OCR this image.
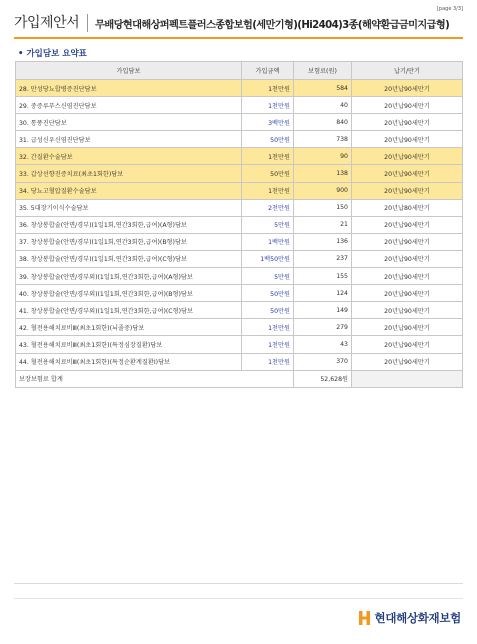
[page 3/3]
가입제안서	무배당현대해상퍼펙트플러스종합보험(세만기형)(Hi2404)3종(해약환급금미지급형)
• 가입담보 요약표
가입담보	가입금액	보험료(원)	납기/만기
28. 만성당뇨합병증진단담보	1천만원	584	20년납90세만기
29. 중증루푸스신염진단담보	1천만원	40	20년납90세만기
30. 통풍진단담보	3백만원	840	20년납90세만기
31. 급성신우신염진단담보	50만원	738	20년납90세만기
32. 간질환수술담보	1천만원	90	20년납90세만기
33. 갑상선향진증치료(최초1회한)담보	50만원	138	20년납90세만기
34. 당뇨고혈압질환수술담보	1천만원	900	20년납90세만기
35. 5대장기이식수술담보	2천만원	150	20년납80세만기
36. 창상봉합술(안면/경부)(1일1회,연간3회한,급여)(A형)담보	5만원	21	20년납90세만기
37. 창상봉합술(안면/경부)(1일1회,연간3회한,급여)(B형)담보	1백만원	136	20년납90세만기
38. 창상봉합술(안면/경부)(1일1회,연간3회한,급여)(C형)담보	1백50만원	237	20년납90세만기
39. 창상봉합술(안면/경부외)(1일1회,연간3회한,급여)(A형)담보	5만원	155	20년납90세만기
40. 창상봉합술(안면/경부외)(1일1회,연간3회한,급여)(B형)담보	50만원	124	20년납90세만기
41. 창상봉합술(안면/경부외)(1일1회,연간3회한,급여)(C형)담보	50만원	149	20년납90세만기
42. 혈전용해치료비Ⅲ(최초1회한)(뇌졸중)담보	1천만원	279	20년납90세만기
43. 혈전용해치료비Ⅲ(최초1회한)(특정심장질환)담보	1천만원	43	20년납90세만기
44. 혈전용해치료비Ⅲ(최초1회한)(특정순환계질환Ⅰ)담보	1천만원	370	20년납90세만기
보장보험료 합계		52,628원	
현대해상화재보험
